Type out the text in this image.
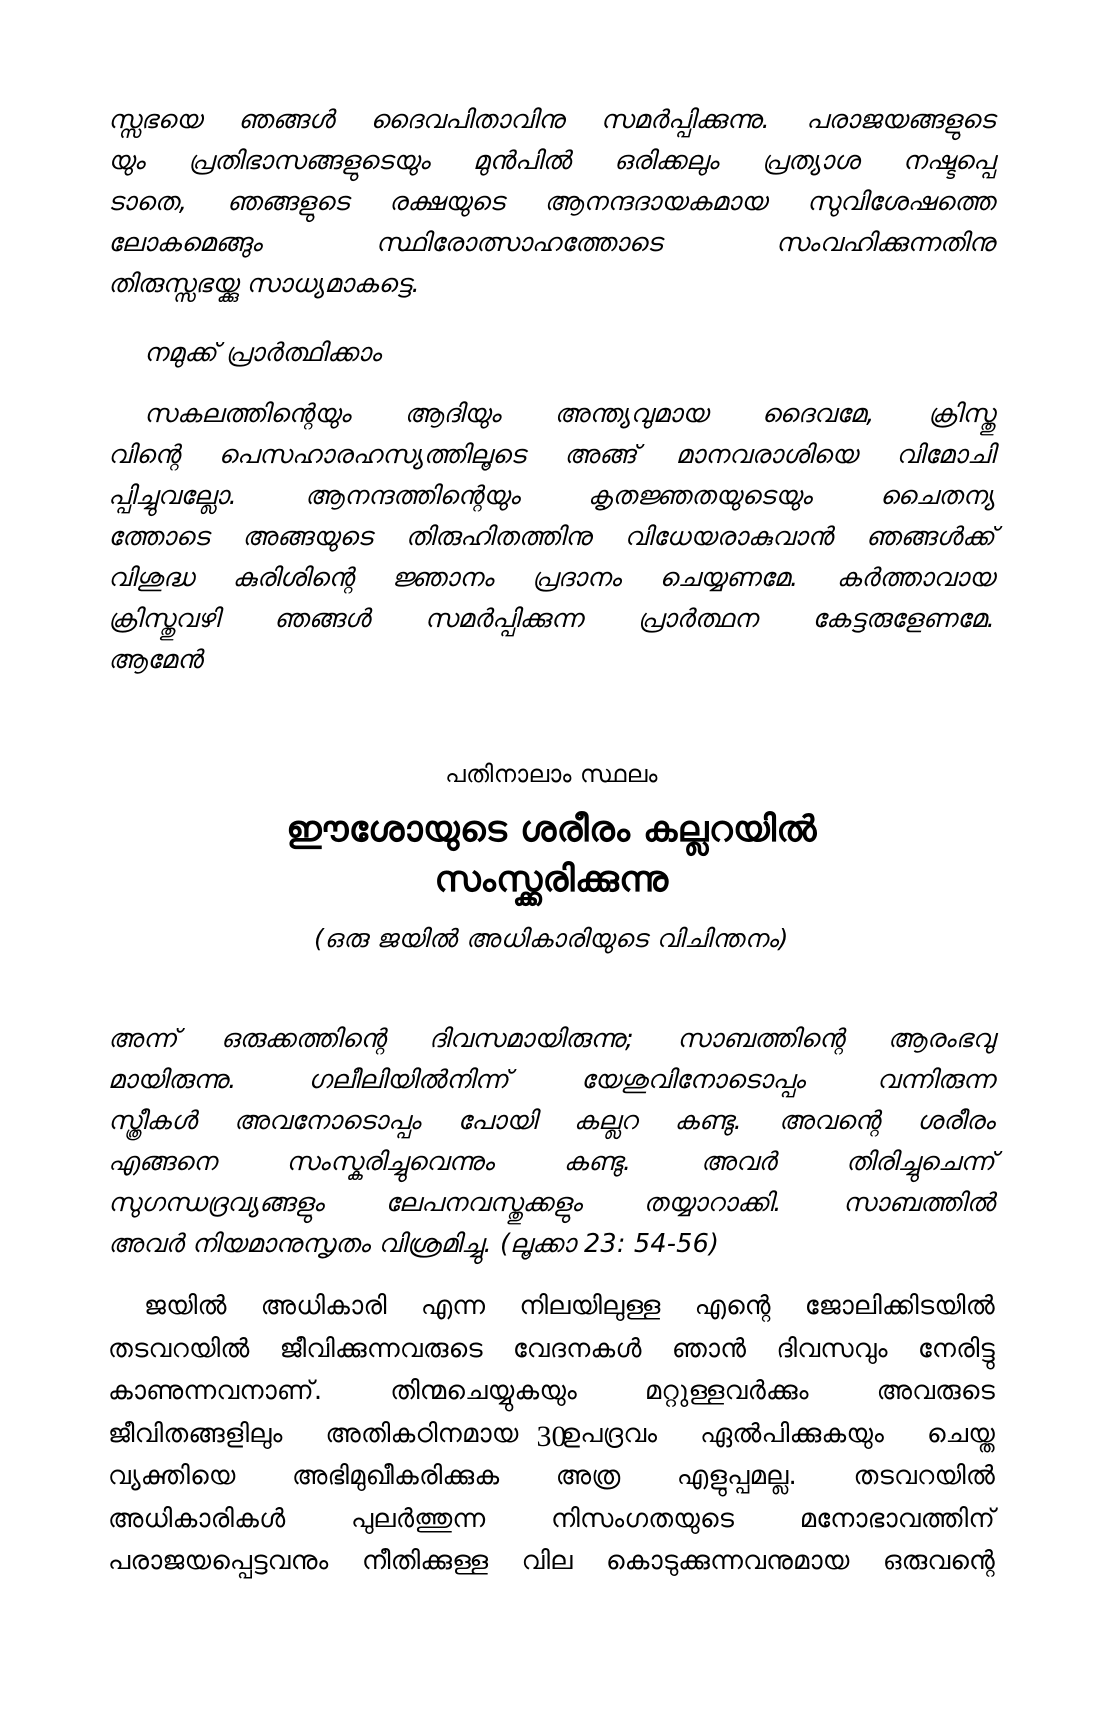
സ്സഭയെ ഞങ്ങൾ ദൈവപിതാവിനു സമർപ്പിക്കുന്നു. പരാജയങ്ങളുടെ
യും പ്രതിഭാസങ്ങളുടെയും മുൻപിൽ ഒരിക്കലും പ്രത്യാശ നഷ്ടപ്പെ
ടാതെ, ഞങ്ങളുടെ രക്ഷയുടെ ആനന്ദദായകമായ സുവിശേഷത്തെ
ലോകമെങ്ങും	സ്ഥിരോത്സാഹത്തോടെ	സംവഹിക്കുന്നതിനു
തിരുസ്സഭയ്ക്കു സാധ്യമാകട്ടെ.
നമുക്ക് പ്രാർത്ഥിക്കാം
സകലത്തിന്റെയും ആദിയും അന്ത്യവുമായ ദൈവമേ, ക്രിസ്തു
വിന്റെ പെസഹാരഹസ്യത്തിലൂടെ അങ്ങ് മാനവരാശിയെ വിമോചി
പ്പിച്ചുവല്ലോ.	ആനന്ദത്തിന്റെയും	കൃതജ്ഞതയുടെയും	ചൈതന്യ
ത്തോടെ അങ്ങയുടെ തിരുഹിതത്തിനു വിധേയരാകുവാൻ ഞങ്ങൾക്ക്
വിശുദ്ധ കുരിശിന്റെ ജ്ഞാനം പ്രദാനം ചെയ്യണമേ. കർത്താവായ
ക്രിസ്തുവഴി ഞങ്ങൾ സമർപ്പിക്കുന്ന പ്രാർത്ഥന കേട്ടരുളേണമേ.
ആമേൻ
പതിനാലാം സ്ഥലം
ഈശോയുടെ ശരീരം കല്ലറയിൽ
സംസ്ക്കരിക്കുന്നു
(ഒരു ജയിൽ അധികാരിയുടെ വിചിന്തനം)
അന്ന് ഒരുക്കത്തിന്റെ ദിവസമായിരുന്നു; സാബത്തിന്റെ ആരംഭവു
മായിരുന്നു.	ഗലീലിയിൽനിന്ന്	യേശുവിനോടൊപ്പം	വന്നിരുന്ന
സ്ത്രീകൾ അവനോടൊപ്പം പോയി കല്ലറ കണ്ടു. അവന്റെ ശരീരം
എങ്ങനെ	സംസ്കരിച്ചുവെന്നും	കണ്ടു.	അവർ	തിരിച്ചുചെന്ന്
സുഗന്ധദ്രവ്യങ്ങളും ലേപനവസ്തുക്കളും തയ്യാറാക്കി. സാബത്തിൽ
അവർ നിയമാനുസൃതം വിശ്രമിച്ചു. (ലൂക്കാ 23: 54-56)
ജയിൽ അധികാരി എന്ന നിലയിലുള്ള എന്റെ ജോലിക്കിടയിൽ
തടവറയിൽ ജീവിക്കുന്നവരുടെ വേദനകൾ ഞാൻ ദിവസവും നേരിട്ടു
കാണുന്നവനാണ്.	തിന്മചെയ്യുകയും	മറ്റുള്ളവർക്കും	അവരുടെ
ജീവിതങ്ങളിലും അതികഠിനമായ ഉപദ്രവം ഏൽപിക്കുകയും ചെയ്ത
വ്യക്തിയെ അഭിമുഖീകരിക്കുക അത്ര എളുപ്പമല്ല. തടവറയിൽ
അധികാരികൾ	പുലർത്തുന്ന	നിസംഗതയുടെ	മനോഭാവത്തിന്
പരാജയപ്പെട്ടവനും നീതിക്കുള്ള വില കൊടുക്കുന്നവനുമായ ഒരുവന്റെ
30
